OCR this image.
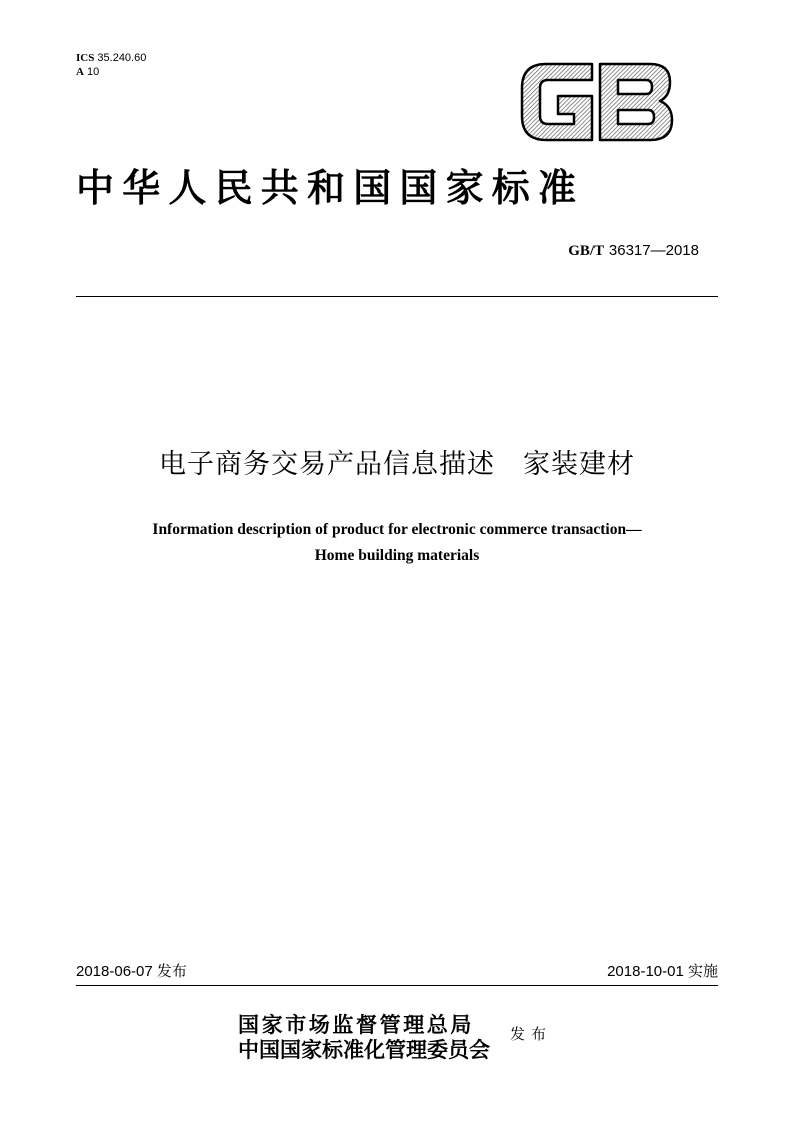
ICS 35.240.60
A 10
中华人民共和国国家标准
GB/T 36317—2018
电子商务交易产品信息描述　家装建材
Information description of product for electronic commerce transaction—
Home building materials
2018-06-07 发布	2018-10-01 实施
国家市场监督管理总局
中国国家标准化管理委员会
发布
